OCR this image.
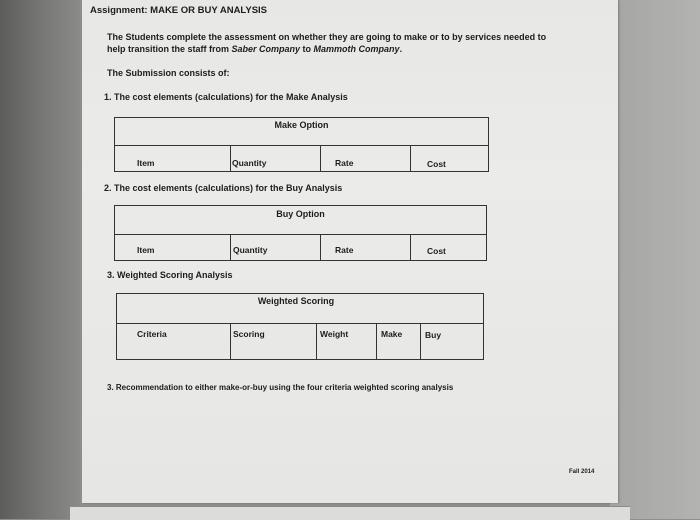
Assignment: MAKE OR BUY ANALYSIS
The Students complete the assessment on whether they are going to make or to by services needed to help transition the staff from Saber Company to Mammoth Company.
The Submission consists of:
1. The cost elements (calculations) for the Make Analysis
Make Option
Item	Quantity	Rate	Cost
2. The cost elements (calculations) for the Buy Analysis
Buy Option
Item	Quantity	Rate	Cost
3. Weighted Scoring Analysis
Weighted Scoring
Criteria	Scoring	Weight	Make	Buy
3. Recommendation to either make-or-buy using the four criteria weighted scoring analysis
Fall 2014
